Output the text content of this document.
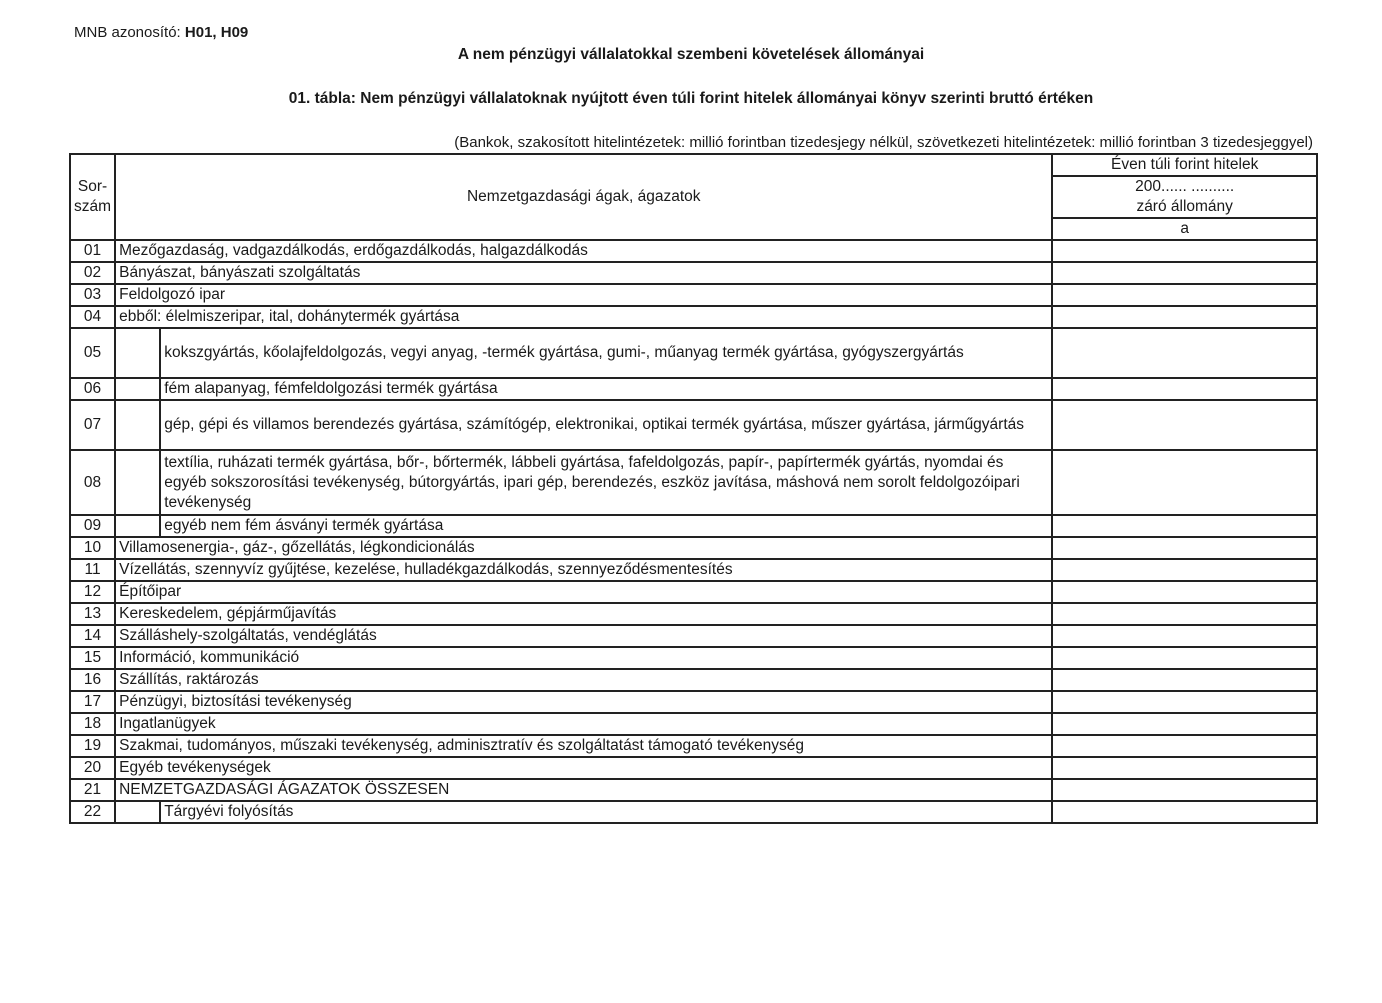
MNB azonosító: H01, H09
A nem pénzügyi vállalatokkal szembeni követelések állományai
01. tábla: Nem pénzügyi vállalatoknak nyújtott éven túli forint hitelek állományai könyv szerinti bruttó értéken
(Bankok, szakosított hitelintézetek: millió forintban tizedesjegy nélkül, szövetkezeti hitelintézetek: millió forintban 3 tizedesjeggyel)
Sor-
szám	Nemzetgazdasági ágak, ágazatok		Éven túli forint hitelek
			200...... ..........
			záró állomány
			a
01	Mezőgazdaság, vadgazdálkodás, erdőgazdálkodás, halgazdálkodás		
02	Bányászat, bányászati szolgáltatás		
03	Feldolgozó ipar		
04	ebből: élelmiszeripar, ital, dohánytermék gyártása		
05		kokszgyártás, kőolajfeldolgozás, vegyi anyag, -termék gyártása, gumi-, műanyag termék gyártása, gyógyszergyártás	
06		fém alapanyag, fémfeldolgozási termék gyártása	
07		gép, gépi és villamos berendezés gyártása, számítógép, elektronikai, optikai termék gyártása, műszer gyártása, járműgyártás	
08		textília, ruházati termék gyártása, bőr-, bőrtermék, lábbeli gyártása, fafeldolgozás, papír-, papírtermék gyártás, nyomdai és egyéb sokszorosítási tevékenység, bútorgyártás, ipari gép, berendezés, eszköz javítása, máshová nem sorolt feldolgozóipari tevékenység	
09		egyéb nem fém ásványi termék gyártása	
10	Villamosenergia-, gáz-, gőzellátás, légkondicionálás		
11	Vízellátás, szennyvíz gyűjtése, kezelése, hulladékgazdálkodás, szennyeződésmentesítés		
12	Építőipar		
13	Kereskedelem, gépjárműjavítás		
14	Szálláshely-szolgáltatás, vendéglátás		
15	Információ, kommunikáció		
16	Szállítás, raktározás		
17	Pénzügyi, biztosítási tevékenység		
18	Ingatlanügyek		
19	Szakmai, tudományos, műszaki tevékenység, adminisztratív és szolgáltatást támogató tevékenység		
20	Egyéb tevékenységek		
21	NEMZETGAZDASÁGI ÁGAZATOK ÖSSZESEN		
22		Tárgyévi folyósítás	
